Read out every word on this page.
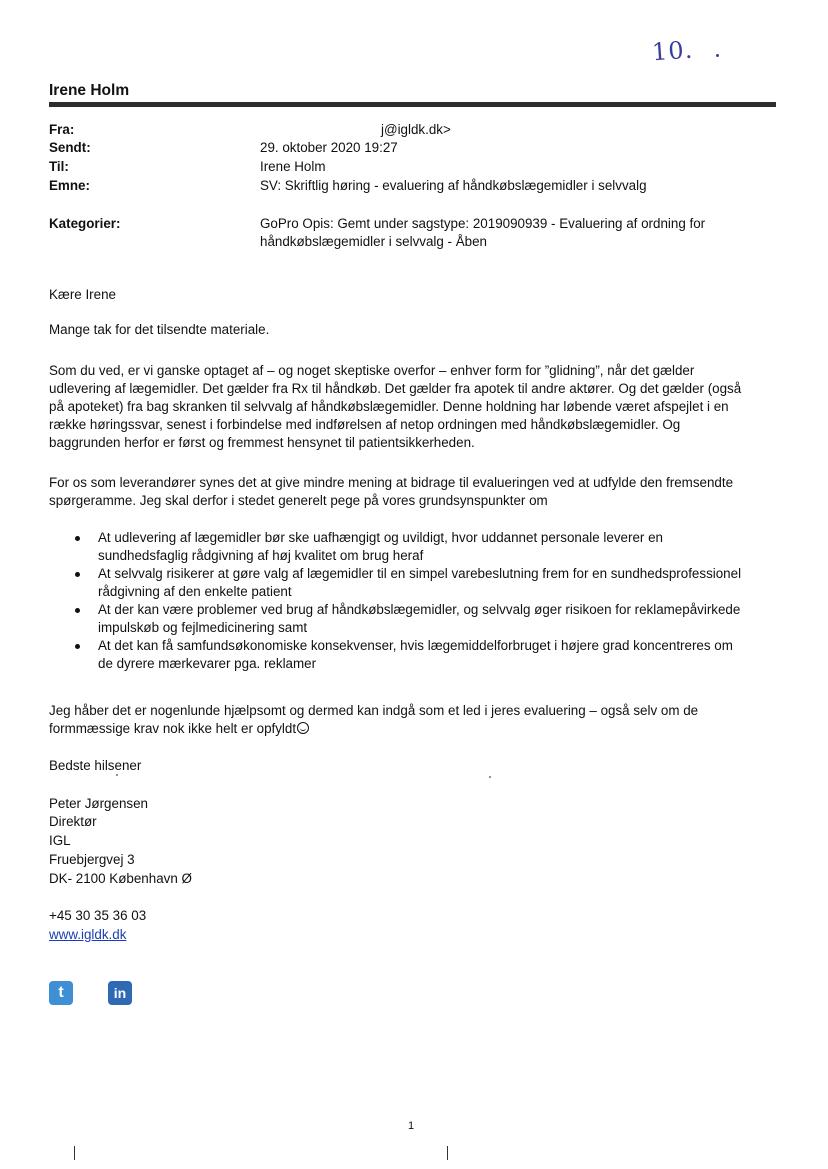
10.
Irene Holm
Fra:	j@igldk.dk>
Sendt:	29. oktober 2020 19:27
Til:	Irene Holm
Emne:	SV: Skriftlig høring - evaluering af håndkøbslægemidler i selvvalg
Kategorier:	GoPro Opis: Gemt under sagstype: 2019090939 - Evaluering af ordning for
håndkøbslægemidler i selvvalg - Åben
Kære Irene
Mange tak for det tilsendte materiale.

Som du ved, er vi ganske optaget af – og noget skeptiske overfor – enhver form for ”glidning”, når det gælder

udlevering af lægemidler. Det gælder fra Rx til håndkøb. Det gælder fra apotek til andre aktører. Og det gælder (også

på apoteket) fra bag skranken til selvvalg af håndkøbslægemidler. Denne holdning har løbende været afspejlet i en

række høringssvar, senest i forbindelse med indførelsen af netop ordningen med håndkøbslægemidler. Og

baggrunden herfor er først og fremmest hensynet til patientsikkerheden.

For os som leverandører synes det at give mindre mening at bidrage til evalueringen ved at udfylde den fremsendte

spørgeramme. Jeg skal derfor i stedet generelt pege på vores grundsynspunkter om

At udlevering af lægemidler bør ske uafhængigt og uvildigt, hvor uddannet personale leverer en

sundhedsfaglig rådgivning af høj kvalitet om brug heraf

At selvvalg risikerer at gøre valg af lægemidler til en simpel varebeslutning frem for en sundhedsprofessionel

rådgivning af den enkelte patient

At der kan være problemer ved brug af håndkøbslægemidler, og selvvalg øger risikoen for reklamepåvirkede

impulskøb og fejlmedicinering samt

At det kan få samfundsøkonomiske konsekvenser, hvis lægemiddelforbruget i højere grad koncentreres om

de dyrere mærkevarer pga. reklamer

Jeg håber det er nogenlunde hjælpsomt og dermed kan indgå som et led i jeres evaluering – også selv om de

formmæssige krav nok ikke helt er opfyldt

Bedste hilsener
Peter Jørgensen
Direktør
IGL
Fruebjergvej 3
DK- 2100 København Ø
+45 30 35 36 03
www.igldk.dk
t	in
1
